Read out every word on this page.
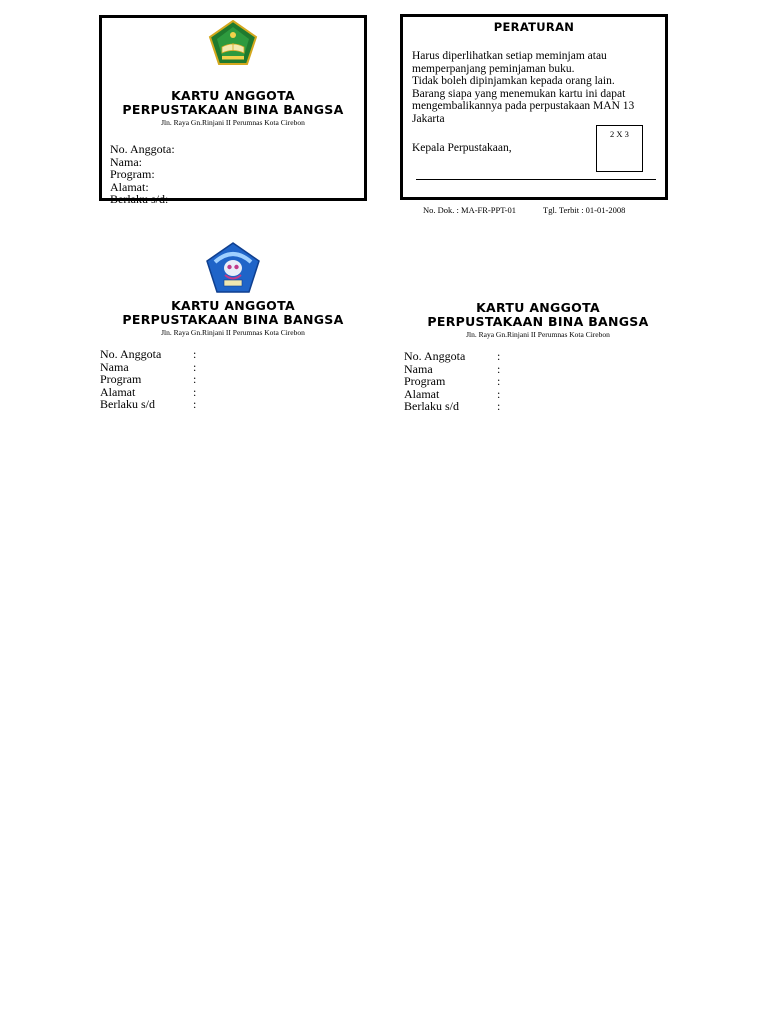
KARTU ANGGOTA
PERPUSTAKAAN BINA BANGSA
Jln. Raya Gn.Rinjani II Perumnas Kota Cirebon
No. Anggota:
Nama:
Program:
Alamat:
Berlaku s/d:
PERATURAN
Harus diperlihatkan setiap meminjam atau
memperpanjang peminjaman buku.
Tidak boleh dipinjamkan kepada orang lain.
Barang siapa yang menemukan kartu ini dapat
mengembalikannya pada perpustakaan MAN 13
Jakarta
2 X 3
Kepala Perpustakaan,
No. Dok. : MA-FR-PPT-01	Tgl. Terbit : 01-01-2008
KARTU ANGGOTA
PERPUSTAKAAN BINA BANGSA
Jln. Raya Gn.Rinjani II Perumnas Kota Cirebon
No. Anggota	:
Nama	:
Program	:
Alamat	:
Berlaku s/d	:
KARTU ANGGOTA
PERPUSTAKAAN BINA BANGSA
Jln. Raya Gn.Rinjani II Perumnas Kota Cirebon
No. Anggota	:
Nama	:
Program	:
Alamat	:
Berlaku s/d	:
